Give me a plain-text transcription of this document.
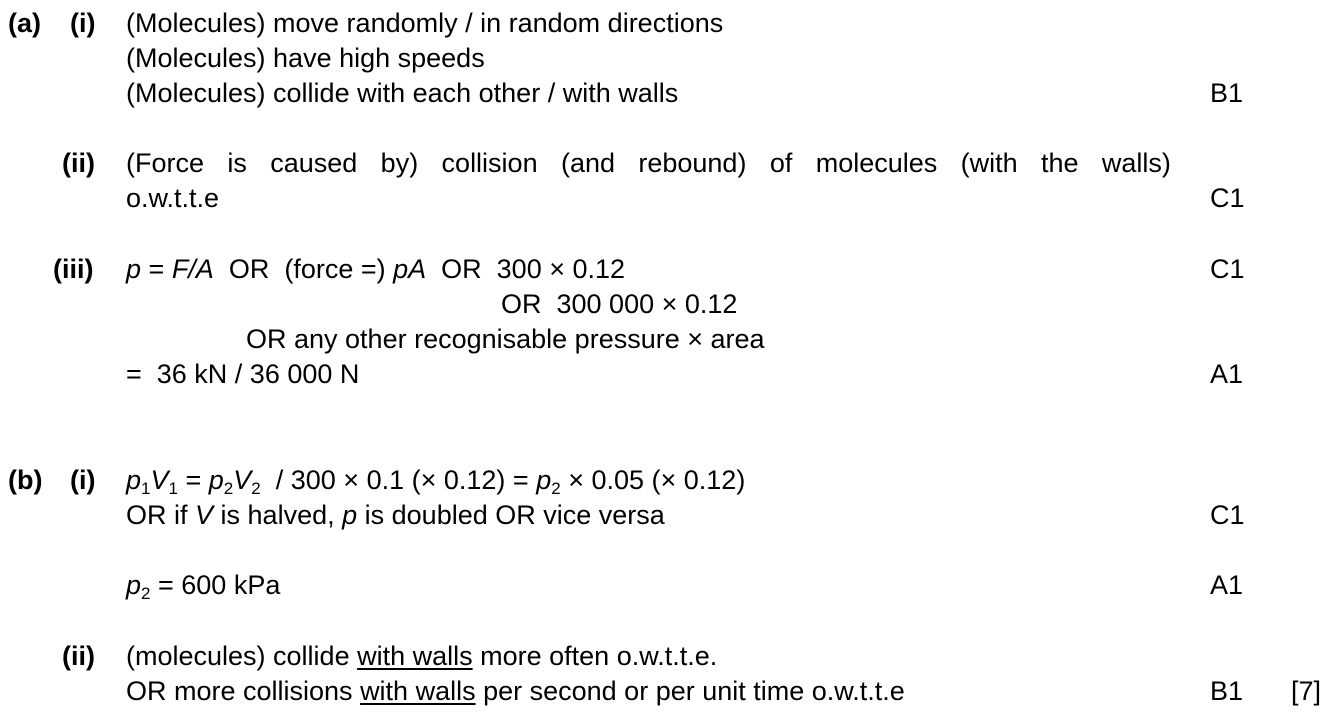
(a) (i) (Molecules) move randomly / in random directions
(Molecules) have high speeds
(Molecules) collide with each other / with walls	B1
(ii) (Force is caused by) collision (and rebound) of molecules (with the walls)
o.w.t.t.e	C1
(iii) p = F/A  OR  (force =) pA  OR  300 × 0.12	C1
OR  300 000 × 0.12
OR any other recognisable pressure × area
=  36 kN / 36 000 N	A1
(b) (i) p1V1 = p2V2  / 300 × 0.1 (× 0.12) = p2 × 0.05 (× 0.12)
OR if V is halved, p is doubled OR vice versa	C1
p2 = 600 kPa	A1
(ii) (molecules) collide with walls more often o.w.t.t.e.
OR more collisions with walls per second or per unit time o.w.t.t.e	B1 [7]
